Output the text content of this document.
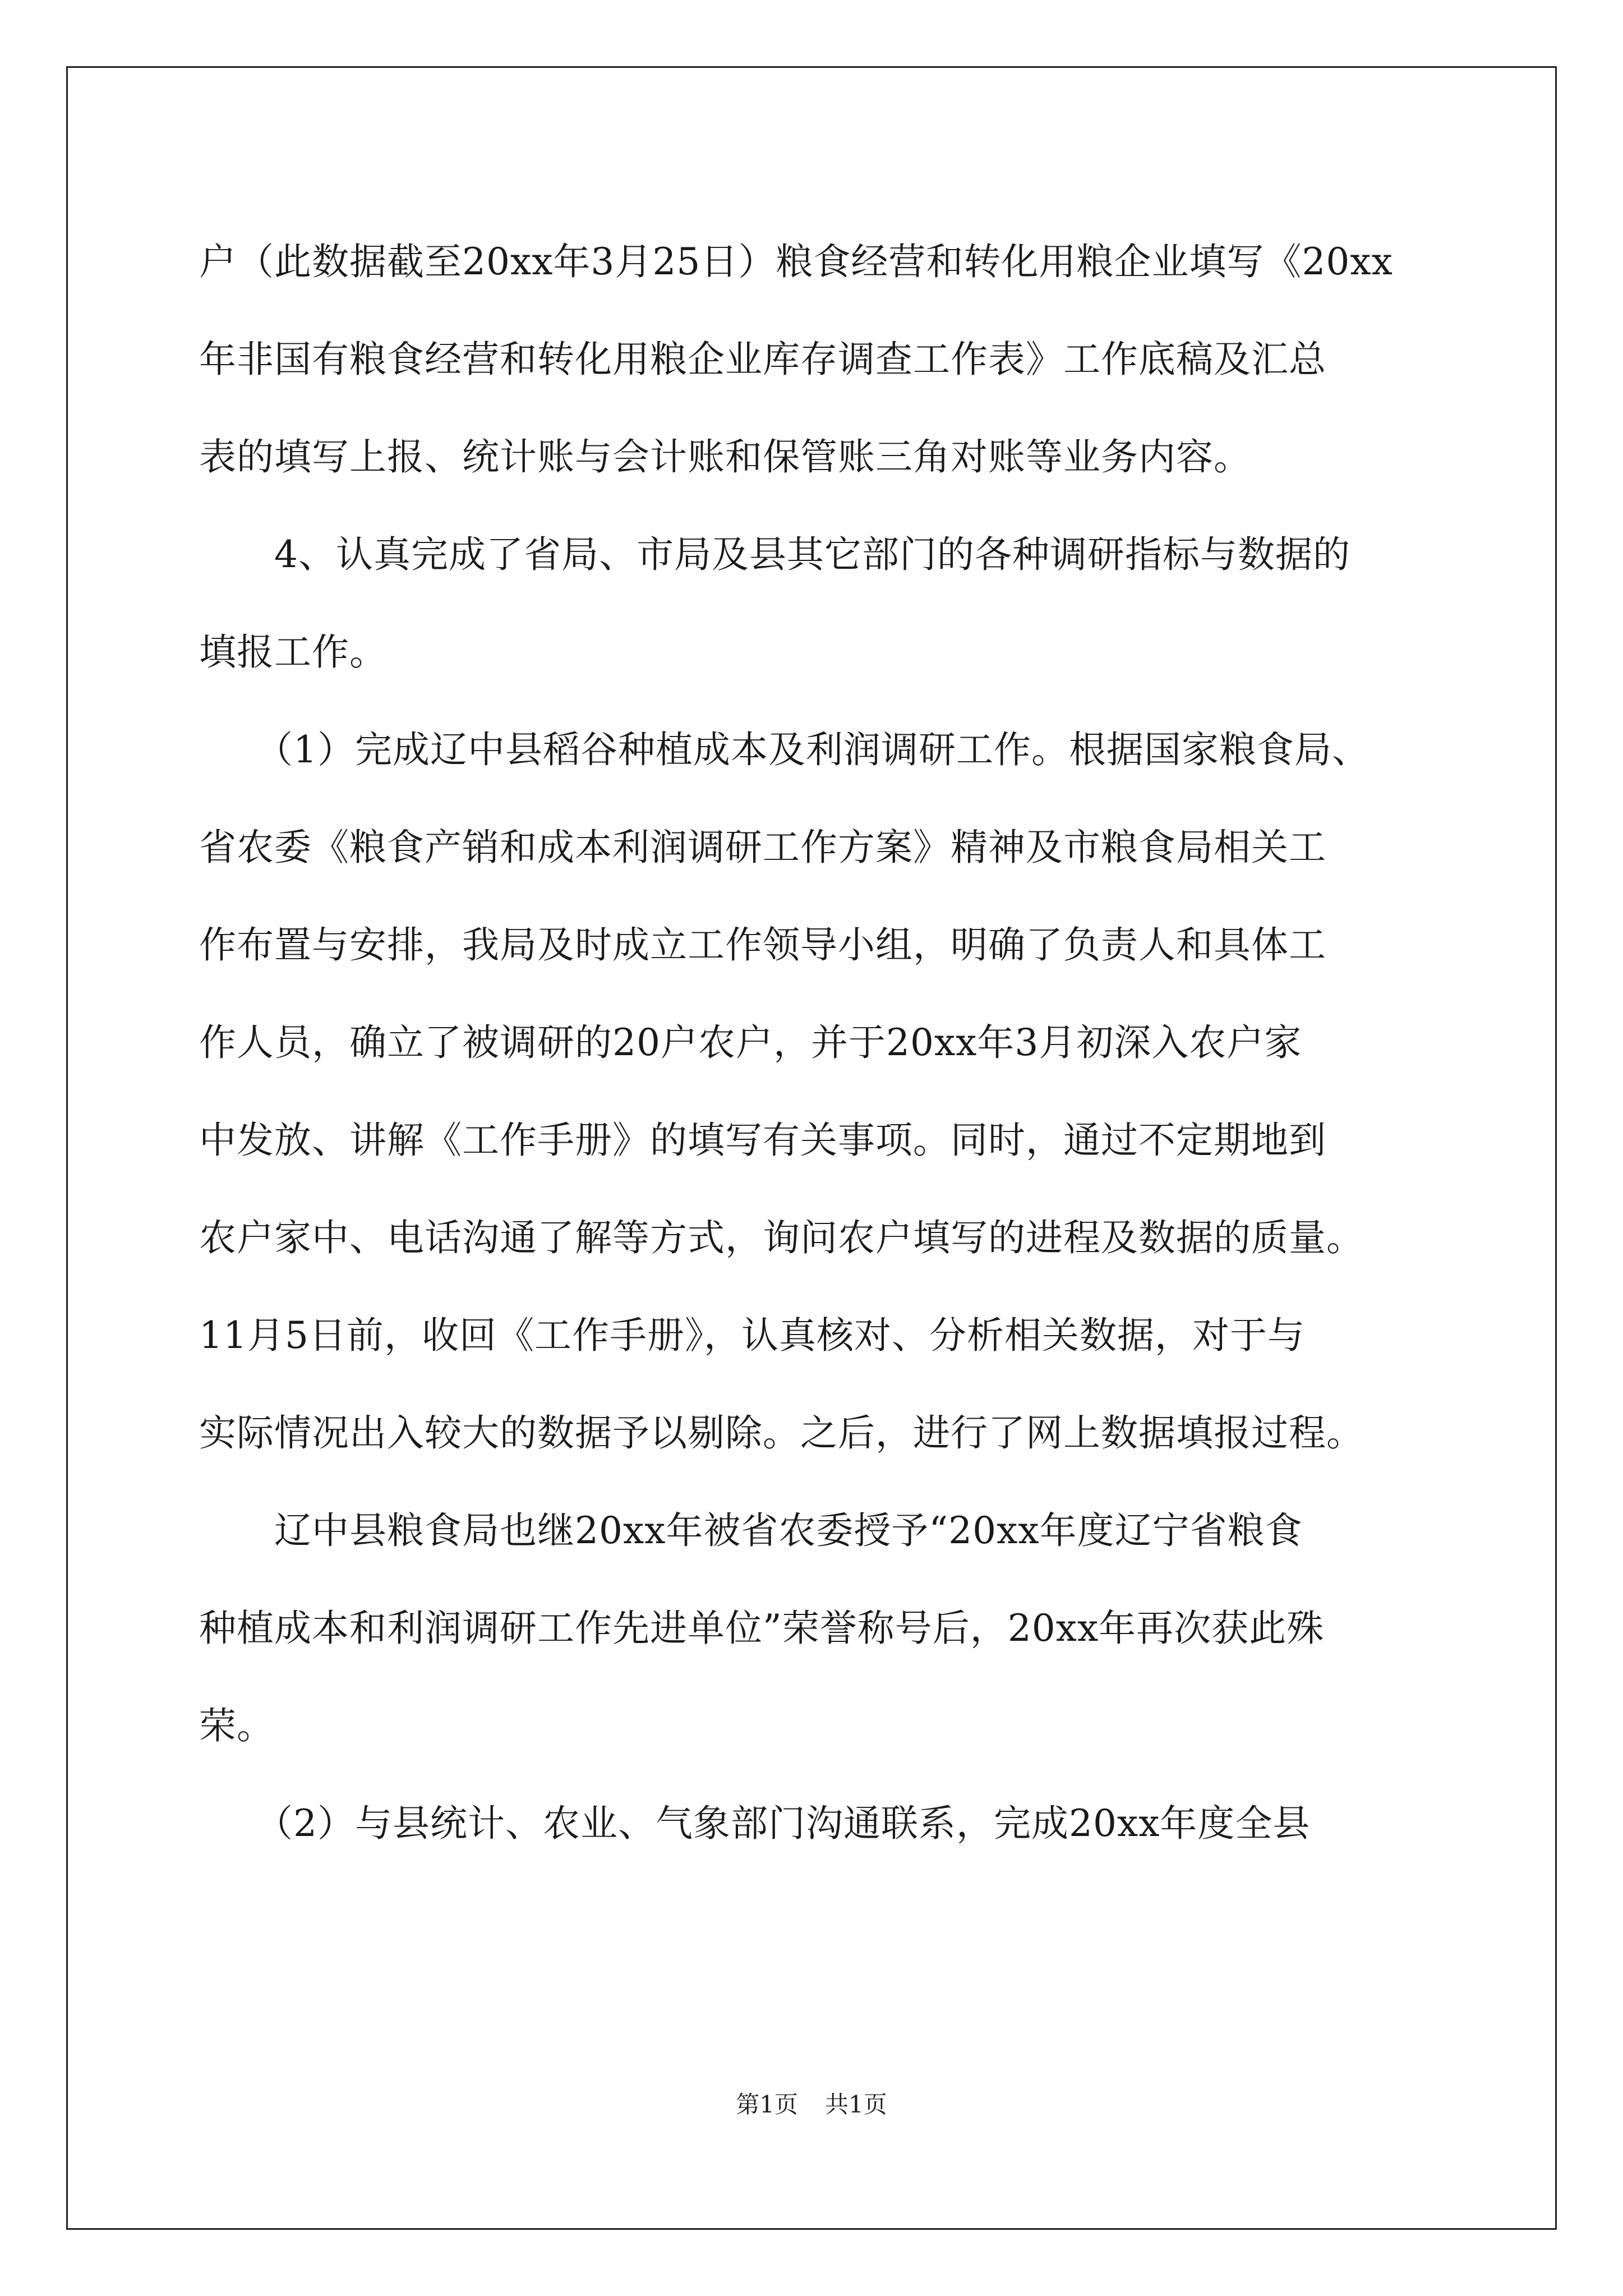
户（此数据截至20xx年3月25日）粮食经营和转化用粮企业填写《20xx
年非国有粮食经营和转化用粮企业库存调查工作表》工作底稿及汇总
表的填写上报、统计账与会计账和保管账三角对账等业务内容。

　　4、认真完成了省局、市局及县其它部门的各种调研指标与数据的
填报工作。

　　（1）完成辽中县稻谷种植成本及利润调研工作。根据国家粮食局、
省农委《粮食产销和成本利润调研工作方案》精神及市粮食局相关工
作布置与安排，我局及时成立工作领导小组，明确了负责人和具体工
作人员，确立了被调研的20户农户，并于20xx年3月初深入农户家
中发放、讲解《工作手册》的填写有关事项。同时，通过不定期地到
农户家中、电话沟通了解等方式，询问农户填写的进程及数据的质量。
11月5日前，收回《工作手册》，认真核对、分析相关数据，对于与
实际情况出入较大的数据予以剔除。之后，进行了网上数据填报过程。

　　辽中县粮食局也继20xx年被省农委授予“20xx年度辽宁省粮食
种植成本和利润调研工作先进单位”荣誉称号后，20xx年再次获此殊
荣。

　　（2）与县统计、农业、气象部门沟通联系，完成20xx年度全县

第1页 共1页
